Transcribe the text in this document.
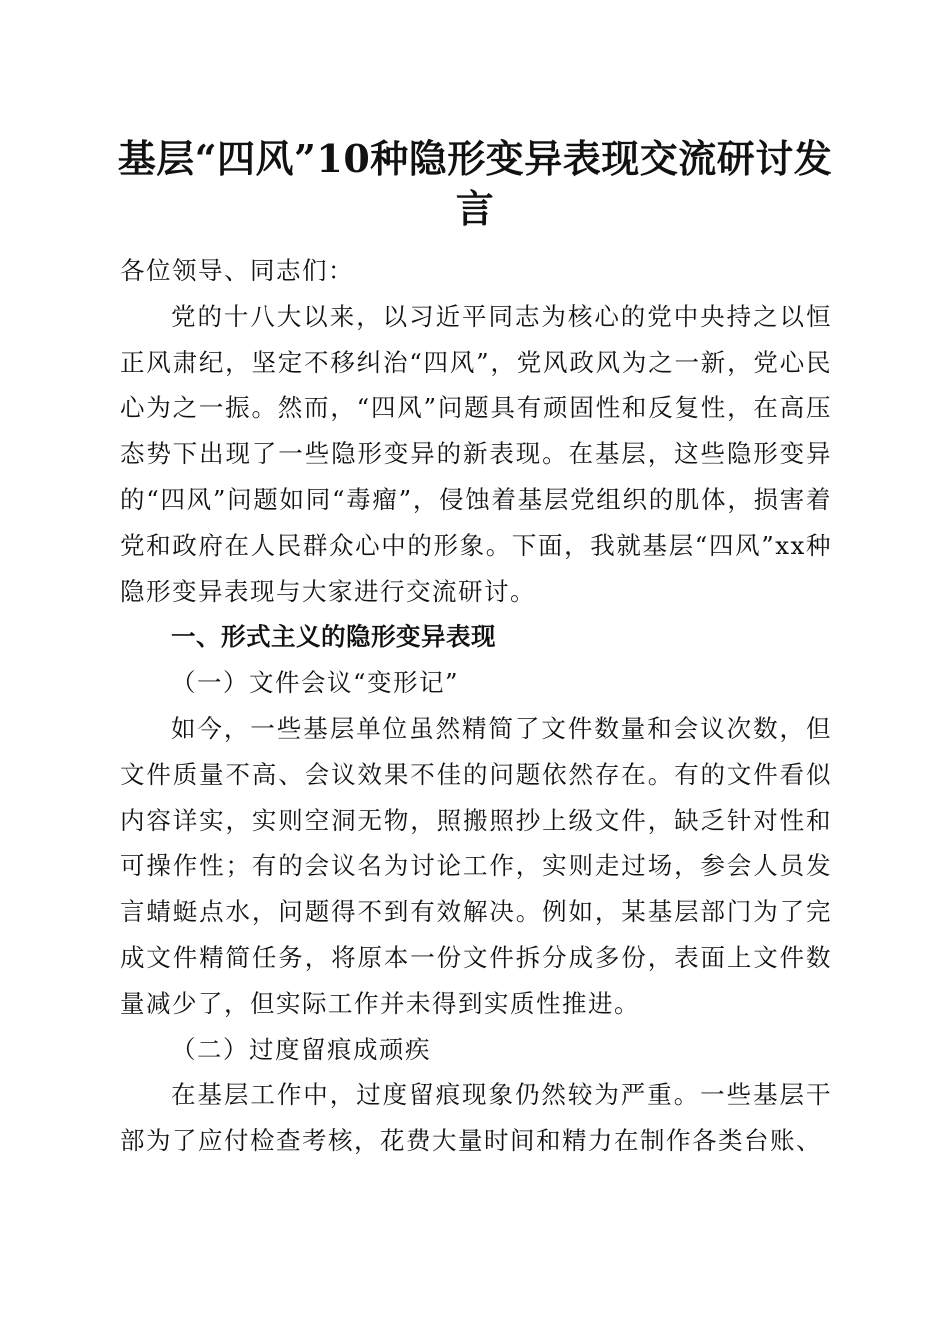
基层“四风”10种隐形变异表现交流研讨发言

各位领导、同志们：

党的十八大以来，以习近平同志为核心的党中央持之以恒正风肃纪，坚定不移纠治“四风”，党风政风为之一新，党心民心为之一振。然而，“四风”问题具有顽固性和反复性，在高压态势下出现了一些隐形变异的新表现。在基层，这些隐形变异的“四风”问题如同“毒瘤”，侵蚀着基层党组织的肌体，损害着党和政府在人民群众心中的形象。下面，我就基层“四风”xx种隐形变异表现与大家进行交流研讨。

一、形式主义的隐形变异表现

（一）文件会议“变形记”

如今，一些基层单位虽然精简了文件数量和会议次数，但文件质量不高、会议效果不佳的问题依然存在。有的文件看似内容详实，实则空洞无物，照搬照抄上级文件，缺乏针对性和可操作性；有的会议名为讨论工作，实则走过场，参会人员发言蜻蜓点水，问题得不到有效解决。例如，某基层部门为了完成文件精简任务，将原本一份文件拆分成多份，表面上文件数量减少了，但实际工作并未得到实质性推进。

（二）过度留痕成顽疾

在基层工作中，过度留痕现象仍然较为严重。一些基层干部为了应付检查考核，花费大量时间和精力在制作各类台账、
